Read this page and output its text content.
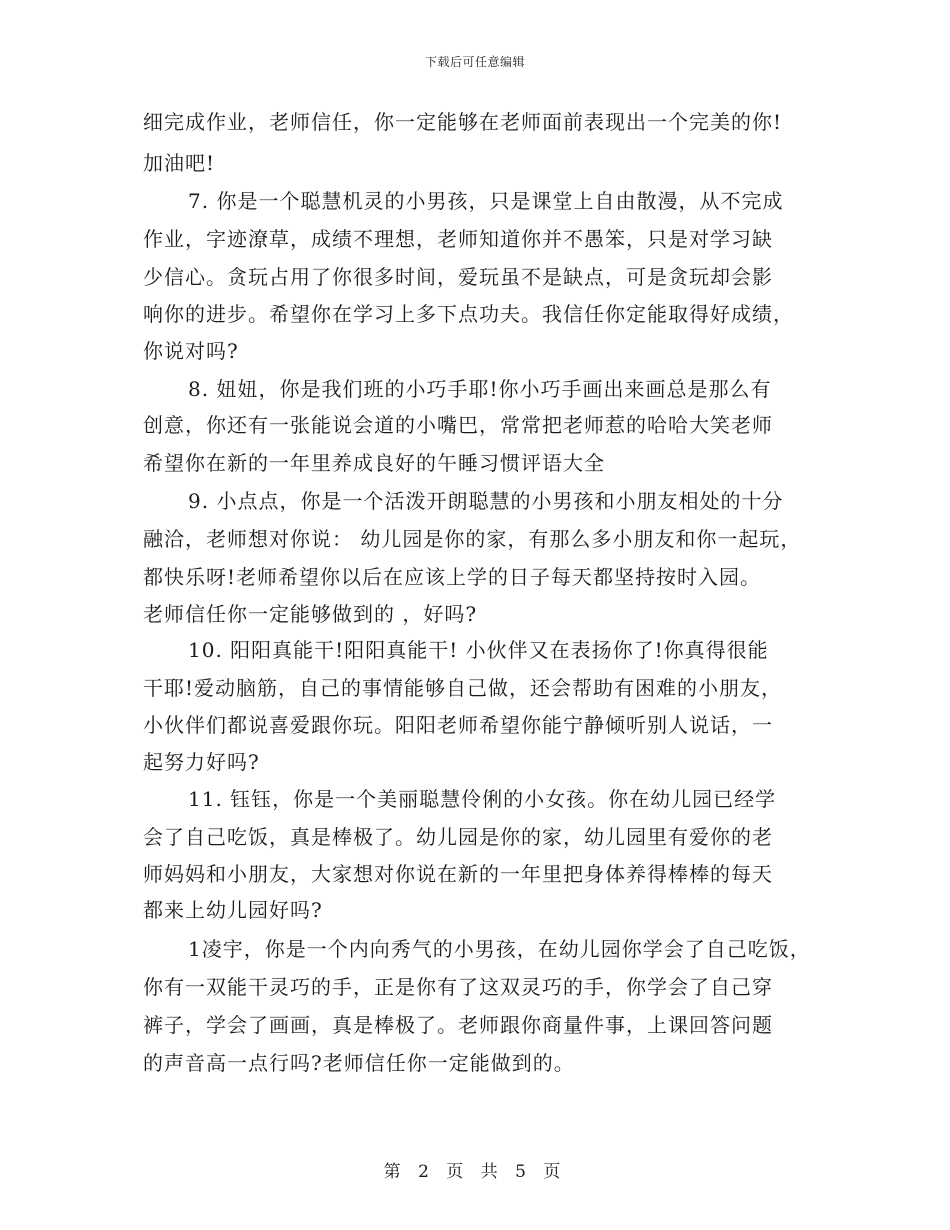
下载后可任意编辑
细完成作业，老师信任，你一定能够在老师面前表现出一个完美的你!
加油吧!
7. 你是一个聪慧机灵的小男孩，只是课堂上自由散漫，从不完成
作业，字迹潦草，成绩不理想，老师知道你并不愚笨，只是对学习缺
少信心。贪玩占用了你很多时间，爱玩虽不是缺点，可是贪玩却会影
响你的进步。希望你在学习上多下点功夫。我信任你定能取得好成绩，
你说对吗?
8. 妞妞，你是我们班的小巧手耶!你小巧手画出来画总是那么有
创意，你还有一张能说会道的小嘴巴，常常把老师惹的哈哈大笑老师
希望你在新的一年里养成良好的午睡习惯评语大全
9. 小点点，你是一个活泼开朗聪慧的小男孩和小朋友相处的十分
融洽，老师想对你说： 幼儿园是你的家，有那么多小朋友和你一起玩，
都快乐呀!老师希望你以后在应该上学的日子每天都坚持按时入园。
老师信任你一定能够做到的 ，好吗?
10. 阳阳真能干!阳阳真能干! 小伙伴又在表扬你了!你真得很能
干耶!爱动脑筋，自己的事情能够自己做，还会帮助有困难的小朋友，
小伙伴们都说喜爱跟你玩。阳阳老师希望你能宁静倾听别人说话，一
起努力好吗?
11. 钰钰，你是一个美丽聪慧伶俐的小女孩。你在幼儿园已经学
会了自己吃饭，真是棒极了。幼儿园是你的家，幼儿园里有爱你的老
师妈妈和小朋友，大家想对你说在新的一年里把身体养得棒棒的每天
都来上幼儿园好吗?
1凌宇，你是一个内向秀气的小男孩，在幼儿园你学会了自己吃饭，
你有一双能干灵巧的手，正是你有了这双灵巧的手，你学会了自己穿
裤子，学会了画画，真是棒极了。老师跟你商量件事，上课回答问题
的声音高一点行吗?老师信任你一定能做到的。
第 2 页 共 5 页
